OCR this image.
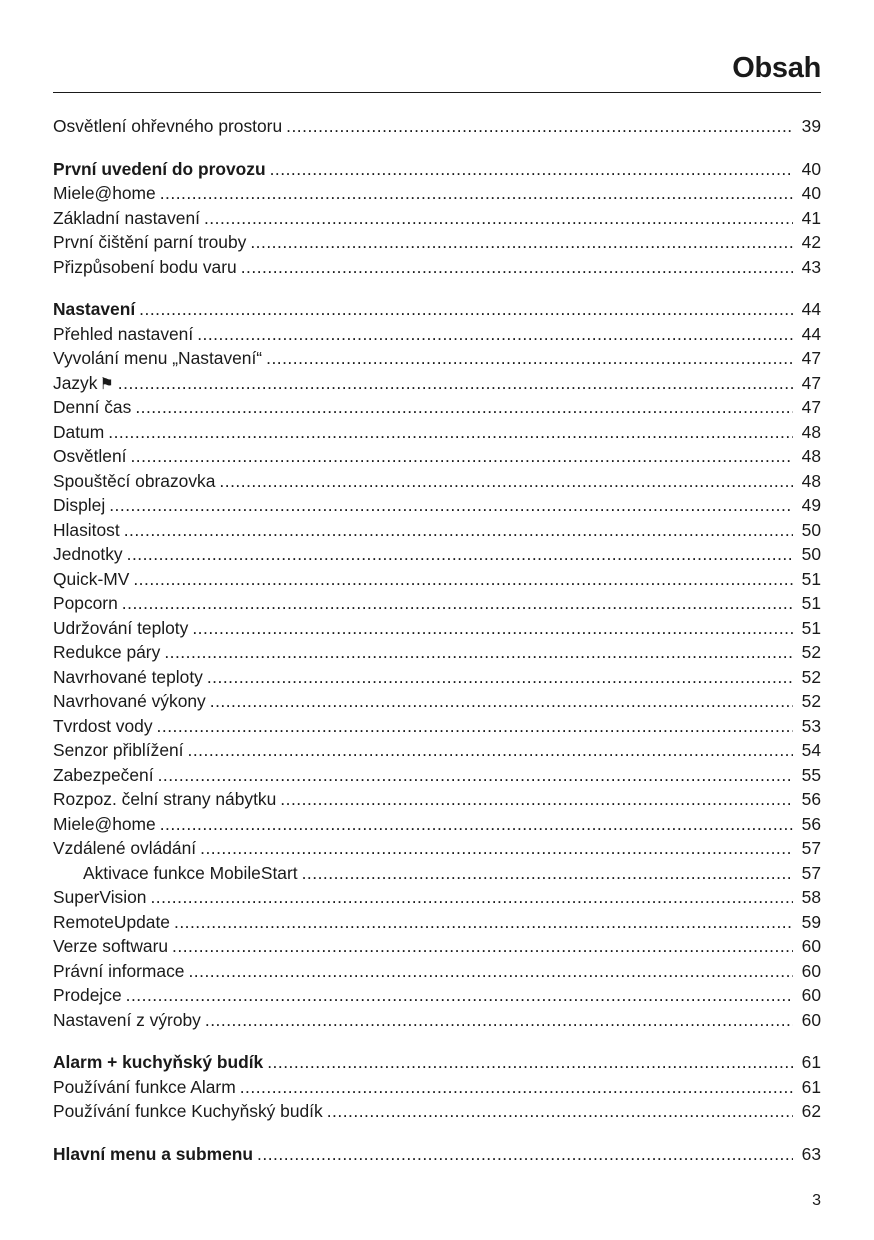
Obsah
Osvětlení ohřevného prostoru .....	39
První uvedení do provozu .....	40
Miele@home .....	40
Základní nastavení .....	41
První čištění parní trouby .....	42
Přizpůsobení bodu varu .....	43
Nastavení .....	44
Přehled nastavení .....	44
Vyvolání menu „Nastavení“ .....	47
Jazyk ⚑ .....	47
Denní čas .....	47
Datum .....	48
Osvětlení .....	48
Spouštěcí obrazovka .....	48
Displej .....	49
Hlasitost .....	50
Jednotky .....	50
Quick-MV .....	51
Popcorn .....	51
Udržování teploty .....	51
Redukce páry .....	52
Navrhované teploty .....	52
Navrhované výkony .....	52
Tvrdost vody .....	53
Senzor přiblížení .....	54
Zabezpečení .....	55
Rozpoz. čelní strany nábytku .....	56
Miele@home .....	56
Vzdálené ovládání .....	57
Aktivace funkce MobileStart .....	57
SuperVision .....	58
RemoteUpdate .....	59
Verze softwaru .....	60
Právní informace .....	60
Prodejce .....	60
Nastavení z výroby .....	60
Alarm + kuchyňský budík .....	61
Používání funkce Alarm .....	61
Používání funkce Kuchyňský budík .....	62
Hlavní menu a submenu .....	63
3
